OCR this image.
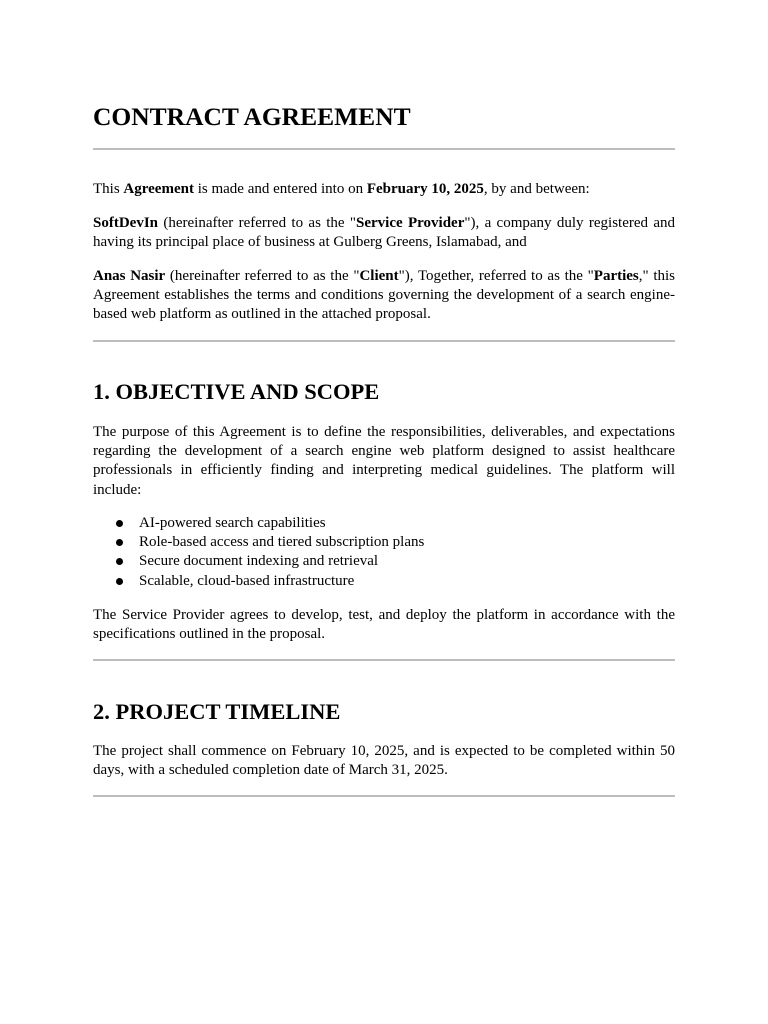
CONTRACT AGREEMENT

This Agreement is made and entered into on February 10, 2025, by and between:

SoftDevIn (hereinafter referred to as the "Service Provider"), a company duly registered and having its principal place of business at Gulberg Greens, Islamabad, and

Anas Nasir (hereinafter referred to as the "Client"), Together, referred to as the "Parties," this Agreement establishes the terms and conditions governing the development of a search engine-based web platform as outlined in the attached proposal.

1. OBJECTIVE AND SCOPE

The purpose of this Agreement is to define the responsibilities, deliverables, and expectations regarding the development of a search engine web platform designed to assist healthcare professionals in efficiently finding and interpreting medical guidelines. The platform will include:

AI-powered search capabilities
Role-based access and tiered subscription plans
Secure document indexing and retrieval
Scalable, cloud-based infrastructure

The Service Provider agrees to develop, test, and deploy the platform in accordance with the specifications outlined in the proposal.

2. PROJECT TIMELINE

The project shall commence on February 10, 2025, and is expected to be completed within 50 days, with a scheduled completion date of March 31, 2025.
